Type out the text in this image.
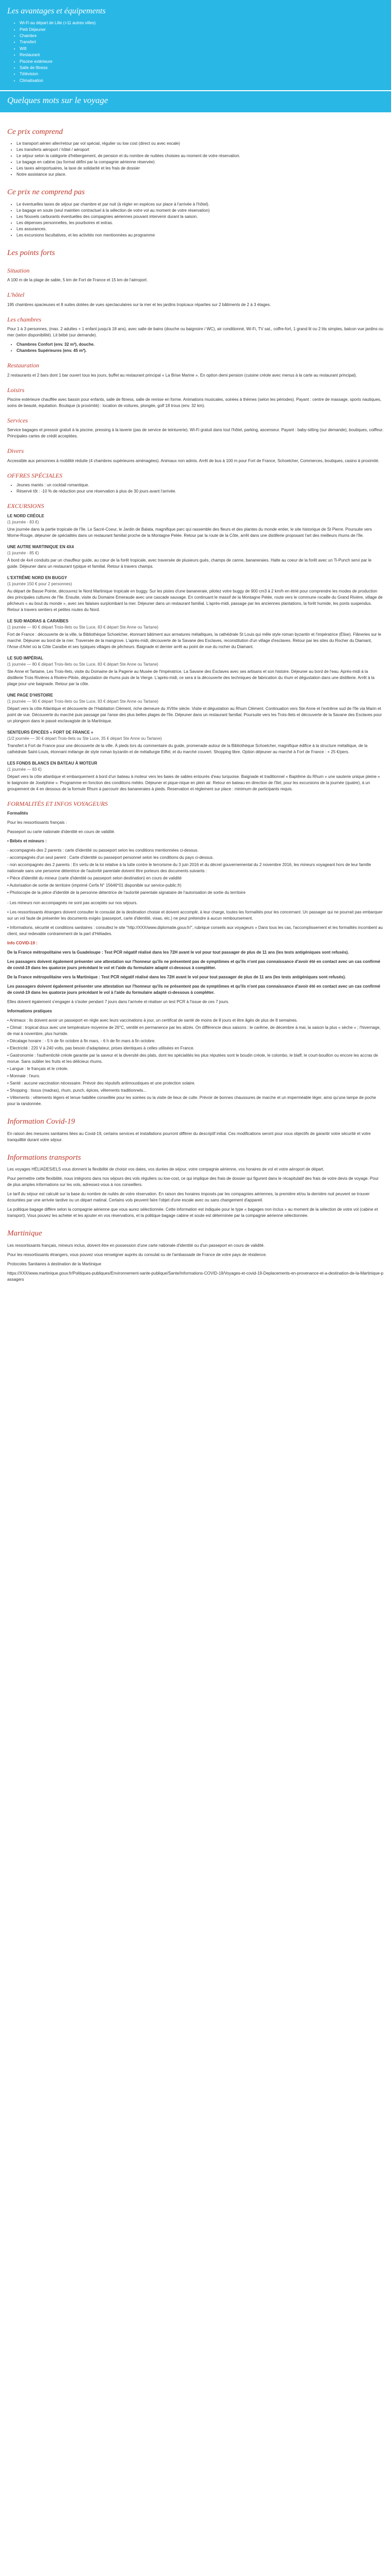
Les avantages et équipements
• Wi-Fi au départ de Lille (+11 autres villes)
• Petit Déjeuner
• Chambre
• Transfert
• Wifi
• Restaurant
• Piscine extérieure
• Salle de fitness
• Télévision
• Climatisation
Quelques mots sur le voyage
Ce prix comprend
• Le transport aérien aller/retour par vol spécial, régulier ou low cost (direct ou avec escale)
• Les transferts aéroport / hôtel / aéroport
• Le séjour selon la catégorie d'hébergement, de pension et du nombre de nuitées choisies au moment de votre réservation.
• Le bagage en cabine (au format défini par la compagnie aérienne réservée)
• Les taxes aéroportuaires, la taxe de solidarité et les frais de dossier
• Notre assistance sur place.
Ce prix ne comprend pas
• Le éventuelles taxes de séjour par chambre et par nuit (à régler en espèces sur place à l'arrivée à l'hôtel).
• Le bagage en soute (seul maintien contractuel à la sélection de votre vol au moment de votre réservation)
• Les Nouvels carburants éventuelles des compagnies aériennes pouvant intervenir durant la saison.
• Les dépenses personnelles, les pourboires et extras.
• Les assurances.
• Les excursions facultatives, et les activités non mentionnées au programme
Les points forts
Situation

A 100 m de la plage de sable, 5 km de Fort de France et 15 km de l'aéroport.

L'hôtel

195 chambres spacieuses et 8 suites dotées de vues spectaculaires sur la mer et les jardins tropicaux réparties sur 2 bâtiments de 2 à 3 étages.

Les chambres

Pour 1 à 3 personnes, (max. 2 adultes + 1 enfant jusqu'à 18 ans), avec salle de bains (douche ou baignoire / WC), air conditionné, Wi-Fi, TV sat., coffre-fort, 1 grand lit ou 2 lits simples, balcon vue jardins ou mer (selon disponibilité). Lit bébé (sur demande).

• Chambres Confort (env. 32 m²), douche.
• Chambres Supérieures (env. 45 m²).
Restauration

2 restaurants et 2 bars dont 1 bar ouvert tous les jours, buffet au restaurant principal « La Brise Marine ». En option demi pension (cuisine créole avec menus à la carte au restaurant principal).

Loisirs

Piscine extérieure chauffée avec bassin pour enfants, salle de fitness, salle de remise en forme. Animations musicales, soirées à thèmes (selon les périodes). Payant : centre de massage, sports nautiques, soins de beauté, équitation. Boutique (à proximité) : location de voitures, plongée, golf 18 trous (env. 32 km).

Services

Service bagages et pressoir gratuit à la piscine, pressing à la laverie (pas de service de teinturerie). Wi-Fi gratuit dans tout l'hôtel, parking, ascenseur. Payant : baby-sitting (sur demande), boutiques, coiffeur. Principales cartes de crédit acceptées.

Divers

Accessible aux personnes à mobilité réduite (4 chambres supérieures aménagées). Animaux non admis. Arrêt de bus à 100 m pour Fort de France, Schoelcher, Commerces, boutiques, casino à proximité.

OFFRES SPÉCIALES
• Jeunes mariés : un cocktail romantique.
• Réservé tôt : -10 % de réduction pour une réservation à plus de 30 jours avant l'arrivée.
EXCURSIONS

LE NORD CRÉOLE

(1 journée - 83 €)

Une journée dans la partie tropicale de l'île. Le Sacré-Coeur, le Jardin de Balata, magnifique parc qui rassemble des fleurs et des plantes du monde entier, le site historique de St Pierre. Poursuite vers Morne-Rouge, déjeuner de spécialités dans un restaurant familial proche de la Montagne Pelée. Retour par la route de la Côte, arrêt dans une distillerie proposant l'art des meilleurs rhums de l'île.

UNE AUTRE MARTINIQUE EN 4X4

(1 journée - 85 €)

À bord de 4x4 conduits par un chauffeur guide, au cœur de la forêt tropicale, avec traversée de plusieurs gués, champs de canne, bananeraies. Halte au coeur de la forêt avec un Ti-Punch servi par le guide. Déjeuner dans un restaurant typique et familial. Retour à travers champs.

L'EXTRÊME NORD EN BUGGY

(1 journée 150 € pour 2 personnes)

Au départ de Basse Pointe, découvrez le Nord Martinique tropicale en buggy. Sur les pistes d'une bananeraie, pilotez votre buggy de 900 cm3 à 2 km/h en étrié pour comprendre les modes de production des principales cultures de l'île. Ensuite, visite du Domaine Emeraude avec une cascade sauvage. En continuant le massif de la Montagne Pelée, route vers le commune rocaille du Grand Rivière, village de pêcheurs « au bout du monde », avec ses falaises surplombant la mer. Déjeuner dans un restaurant familial. L'après-midi, passage par les anciennes plantations, la forêt humide, les ponts suspendus. Retour à travers sentiers et petites routes du Nord.

LE SUD MADRAS & CARAÏBES

(1 journée — 80 € départ Trois-Ilets ou Ste Luce, 83 € départ Ste Anne ou Tartane)

Fort de France : découverte de la ville, la Bibliothèque Schoelcher, étonnant bâtiment aux armatures métalliques, la cathédrale St Louis qui mêle style roman byzantin et l'impératrice (Élise). Flâneries sur le marché. Déjeuner au bord de la mer. Traversée de la mangrove. L'après-midi, découverte de la Savane des Esclaves, reconstitution d'un village d'esclaves. Retour par les sites du Rocher du Diamant, l'Anse d'Arlet où la Côte Caraïbe et ses typiques villages de pêcheurs. Baignade et dernier arrêt au point de vue du rocher du Diamant.

LE SUD IMPÉRIAL

(1 journée — 80 € départ Trois-Ilets ou Ste Luce, 83 € départ Ste Anne ou Tartane)

Ste Anne et Tartaine, Les Trois-Ilets, visite du Domaine de la Pagerie au Musée de l'Impératrice. La Savane des Esclaves avec ses artisans et son histoire. Déjeuner au bord de l'eau. Après-midi à la distillerie Trois Rivières à Rivière-Pilote, dégustation de rhums puis de la Vierge. L'après-midi, ce sera à la découverte des techniques de fabrication du rhum et dégustation dans une distillerie. Arrêt à la plage pour une baignade. Retour par la côte.

UNE PAGE D'HISTOIRE

(1 journée — 90 € départ Trois-Ilets ou Ste Luce, 93 € départ Ste Anne ou Tartane)

Départ vers la côte Atlantique et découverte de l'Habitation Clément, riche demeure du XVIIIe siècle. Visite et dégustation au Rhum Clément. Continuation vers Ste Anne et l'extrême sud de l'île via Marin et point de vue. Découverte du marché puis passage par l'anse des plus belles plages de l'île. Déjeuner dans un restaurant familial. Poursuite vers les Trois-Ilets et découverte de la Savane des Esclaves pour un plongeon dans le passé esclavagiste de la Martinique.

SENTEURS ÉPICÉES « FORT DE FRANCE »

(1/2 journée — 30 € départ Trois-Ilets ou Ste Luce, 35 € départ Ste Anne ou Tartane)

Transfert à Fort de France pour une découverte de la ville. À pieds lors du commentaire du guide, promenade autour de la Bibliothèque Schoelcher, magnifique édifice à la structure métallique, de la cathédrale Saint-Louis, étonnant mélange de style roman byzantin et de métallurgie Eiffel, et du marché couvert. Shopping libre. Option déjeuner au marché à Fort de France : + 25 €/pers.

LES FONDS BLANCS EN BATEAU À MOTEUR

(1 journée — 83 €)

Départ vers la côte atlantique et embarquement à bord d'un bateau à moteur vers les baies de sables entourés d'eau turquoise. Baignade et traditionnel « Baptême du Rhum » une sauterie unique pleine « le baignoire de Joséphine ». Programme en fonction des conditions météo. Déjeuner et pique-nique en plein air. Retour en bateau en direction de l'îlet, pour les excursions de la journée (quatre), à un groupement de 4 en dessous de la formule Rhum à parcourir des bananeraies à pieds. Reservation et règlement sur place : minimum de participants requis.

FORMALITÉS ET INFOS VOYAGEURS

Formalités

Pour les ressortissants français :

Passeport ou carte nationale d'identité en cours de validité.

• Bébés et mineurs :

- accompagnés des 2 parents : carte d'identité ou passeport selon les conditions mentionnées ci-dessus.

- accompagnés d'un seul parent : Carte d'identité ou passeport personnel selon les conditions du pays ci-dessus.

- non accompagnés des 2 parents : En vertu de la loi relative à la lutte contre le terrorisme du 3 juin 2016 et du décret gouvernemental du 2 novembre 2016, les mineurs voyageant hors de leur famille nationale sans une personne détentrice de l'autorité parentale doivent être porteurs des documents suivants :

• Pièce d'identité du mineur (carte d'identité ou passeport selon destination) en cours de validité

• Autorisation de sortie de territoire (imprimé Cerfa N° 15646*01 disponible sur service-public.fr)

• Photocopie de la pièce d'identité de la personne détentrice de l'autorité parentale signataire de l'autorisation de sortie du territoire

- Les mineurs non accompagnés ne sont pas acceptés sur nos séjours.

• Les ressortissants étrangers doivent consulter le consulat de la destination choisie et doivent accomplir, à leur charge, toutes les formalités pour les concernant. Un passager qui ne pourrait pas embarquer sur un vol faute de présenter les documents exigés (passeport, carte d'identité, visas, etc.) ne peut prétendre à aucun remboursement.

• Informations, sécurité et conditions sanitaires : consultez le site "http://XXX/www.diplomatie.gouv.fr/", rubrique conseils aux voyageurs » Dans tous les cas, l'accomplissement et les formalités incombent au client, seul redevable contrairement de la part d'Héliades.

Info COVID-19 :

De la France métropolitaine vers la Guadeloupe : Test PCR négatif réalisé dans les 72H avant le vol pour tout passager de plus de 11 ans (les tests antigéniques sont refusés).

Les passagers doivent également présenter une attestation sur l'honneur qu'ils ne présentent pas de symptômes et qu'ils n'ont pas connaissance d'avoir été en contact avec un cas confirmé de covid-19 dans les quatorze jours précédant le vol et l'aide du formulaire adapté ci-dessous à compléter.

De la France métropolitaine vers la Martinique : Test PCR négatif réalisé dans les 72H avant le vol pour tout passager de plus de 11 ans (les tests antigéniques sont refusés).

Les passagers doivent également présenter une attestation sur l'honneur qu'ils ne présentent pas de symptômes et qu'ils n'ont pas connaissance d'avoir été en contact avec un cas confirmé de covid-19 dans les quatorze jours précédant le vol à l'aide du formulaire adapté ci-dessous à compléter.

Elles doivent également s'engager à s'isoler pendant 7 jours dans l'arrivée et réaliser un test PCR à l'issue de ces 7 jours.

Informations pratiques

• Animaux : ils doivent avoir un passeport en règle avec leurs vaccinations à jour, un certificat de santé de moins de 8 jours et être âgés de plus de 8 semaines.

• Climat : tropical doux avec une température moyenne de 26°C, ventilé en permanence par les alizés. On différencie deux saisons : le carême, de décembre à mai, la saison la plus « sèche » ; l'hivernage, de mai à novembre, plus humide.

• Décalage horaire : - 5 h de fin octobre à fin mars, - 6 h de fin mars à fin octobre.

• Electricité : 220 V à 240 volts, pas besoin d'adaptateur, prises identiques à celles utilisées en France.

• Gastronomie : l'authenticité créole garantie par la saveur et la diversité des plats, dont les spécialités les plus réputées sont le boudin créole, le colombo, le blaff, le court-bouillon ou encore les accras de morue. Sans oublier les fruits et les délicieux rhums.

• Langue : le français et le créole.

• Monnaie : l'euro.

• Santé : aucune vaccination nécessaire. Prévoir des répulsifs antimoustiques et une protection solaire.

• Shopping : tissus (madras), rhum, punch, épices, vêtements traditionnels...

• Vêtements : vêtements légers et tenue habillée conseillée pour les soirées ou la visite de lieux de culte. Prévoir de bonnes chaussures de marche et un imperméable léger, ainsi qu'une lampe de poche pour la randonnée.

Information Covid-19

En raison des mesures sanitaires liées au Covid-19, certains services et installations pourront différer du descriptif initial. Ces modifications seront pour vous objectifs de garantir votre sécurité et votre tranquillité durant votre séjour.

Informations transports

Les voyages HÉLIADES/ELS vous donnent la flexibilité de choisir vos dates, vos durées de séjour, votre compagnie aérienne, vos horaires de vol et votre aéroport de départ.

Pour permettre cette flexibilité, nous intégrons dans nos séjours des vols réguliers ou low-cost, ce qui implique des frais de dossier qui figurent dans le récapitulatif des frais de votre devis de voyage. Pour de plus amples informations sur les vols, adressez-vous à nos conseillers.

Le tarif du séjour est calculé sur la base du nombre de nuités de votre réservation. En raison des horaires imposés par les compagnies aériennes, la première et/ou la dernière nuit peuvent se trouver écourtées par une arrivée tardive ou un départ matinal. Certains vols peuvent faire l'objet d'une escale avec ou sans changement d'appareil.

La politique bagage diffère selon la compagnie aérienne que vous aurez sélectionnée. Cette information est indiquée pour le type « bagages non inclus » au moment de la sélection de votre vol (cabine et transport). Vous pouvez les acheter et les ajouter en vos réservations, et la politique bagage cabine et soute est déterminée par la compagnie aérienne sélectionnée.

Martinique

Les ressortissants français, mineurs inclus, doivent être en possession d'une carte nationale d'identité ou d'un passeport en cours de validité.

Pour les ressortissants étrangers, vous pouvez vous renseigner auprès du consulat ou de l'ambassade de France de votre pays de résidence.

Protocoles Sanitaires à destination de la Martinique

https://XXX/www.martinique.gouv.fr/Politiques-publiques/Environnement-sante-publique/Sante/Informations-COVID-19/Voyages-et-covid-19-Deplacements-en-provenance-et-a-destination-de-la-Martinique-passagers
